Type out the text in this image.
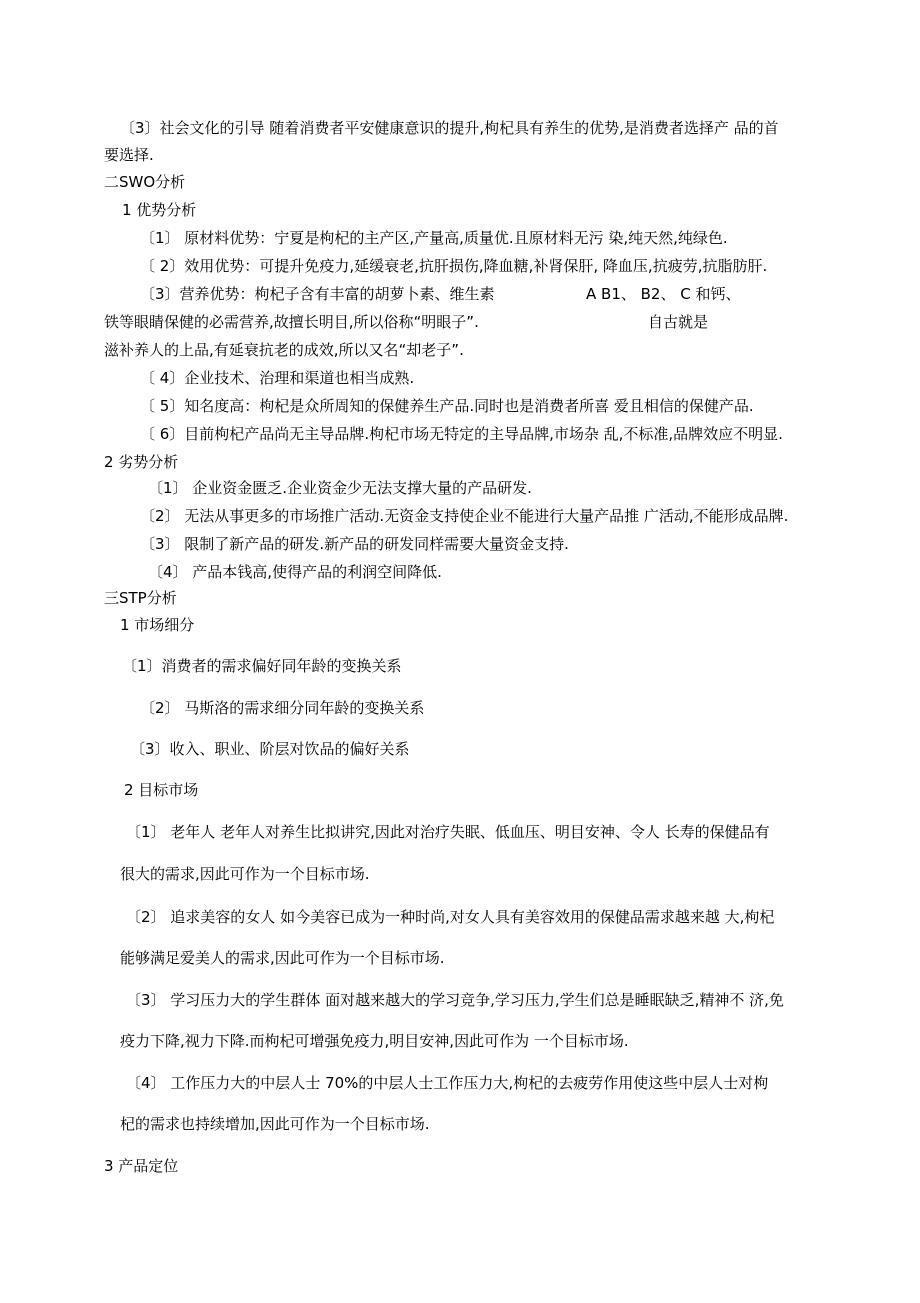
〔3〕社会文化的引导 随着消费者平安健康意识的提升,枸杞具有养生的优势,是消费者选择产 品的首
要选择.
二SWO分析
1 优势分析
〔1〕 原材料优势：宁夏是枸杞的主产区,产量高,质量优.且原材料无污 染,纯天然,纯绿色.
〔 2〕效用优势：可提升免疫力,延缓衰老,抗肝损伤,降血糖,补肾保肝, 降血压,抗疲劳,抗脂肪肝.
〔3〕营养优势：枸杞子含有丰富的胡萝卜素、维生素	A B1、 B2、 C 和钙、
铁等眼睛保健的必需营养,故擅长明目,所以俗称“明眼子”.	自古就是
滋补养人的上品,有延衰抗老的成效,所以又名“却老子”.
〔 4〕企业技术、治理和渠道也相当成熟.
〔 5〕知名度高：枸杞是众所周知的保健养生产品.同时也是消费者所喜 爱且相信的保健产品.
〔 6〕目前枸杞产品尚无主导品牌.枸杞市场无特定的主导品牌,市场杂 乱,不标准,品牌效应不明显.
2 劣势分析
〔1〕 企业资金匮乏.企业资金少无法支撑大量的产品研发.
〔2〕 无法从事更多的市场推广活动.无资金支持使企业不能进行大量产品推 广活动,不能形成品牌.
〔3〕 限制了新产品的研发.新产品的研发同样需要大量资金支持.
〔4〕 产品本钱高,使得产品的利润空间降低.
三STP分析
1 市场细分
〔1〕消费者的需求偏好同年龄的变换关系
〔2〕 马斯洛的需求细分同年龄的变换关系
〔3〕收入、职业、阶层对饮品的偏好关系
2 目标市场
〔1〕 老年人 老年人对养生比拟讲究,因此对治疗失眠、低血压、明目安神、令人 长寿的保健品有
很大的需求,因此可作为一个目标市场.
〔2〕 追求美容的女人 如今美容已成为一种时尚,对女人具有美容效用的保健品需求越来越 大,枸杞
能够满足爱美人的需求,因此可作为一个目标市场.
〔3〕 学习压力大的学生群体 面对越来越大的学习竞争,学习压力,学生们总是睡眠缺乏,精神不 济,免
疫力下降,视力下降.而枸杞可增强免疫力,明目安神,因此可作为 一个目标市场.
〔4〕 工作压力大的中层人士 70%的中层人士工作压力大,枸杞的去疲劳作用使这些中层人士对枸
杞的需求也持续增加,因此可作为一个目标市场.
3 产品定位
